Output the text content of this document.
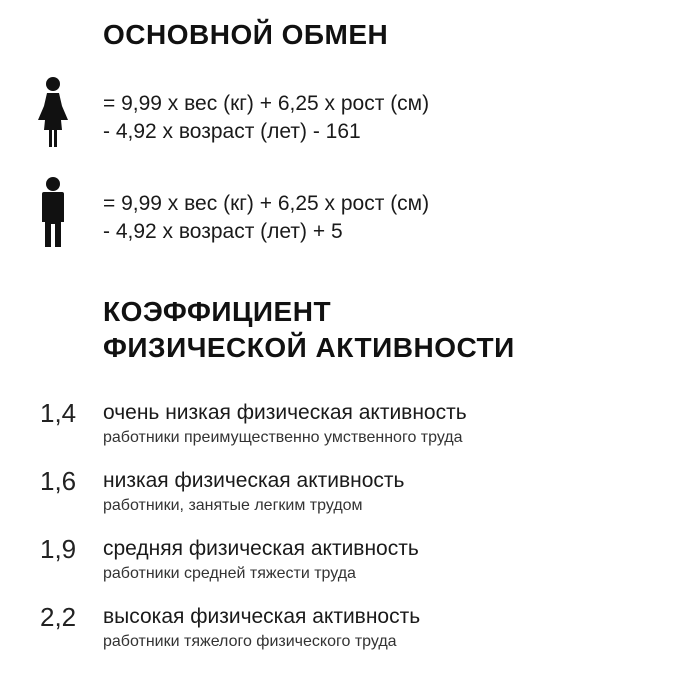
ОСНОВНОЙ ОБМЕН
= 9,99 х вес (кг) + 6,25 х рост (см)
- 4,92 х возраст (лет) - 161
= 9,99 х вес (кг) + 6,25 х рост (см)
- 4,92 х возраст (лет) + 5
КОЭФФИЦИЕНТ
ФИЗИЧЕСКОЙ АКТИВНОСТИ
1,4 очень низкая физическая активность
работники преимущественно умственного труда
1,6 низкая физическая активность
работники, занятые легким трудом
1,9 средняя физическая активность
работники средней тяжести труда
2,2 высокая физическая активность
работники тяжелого физического труда
